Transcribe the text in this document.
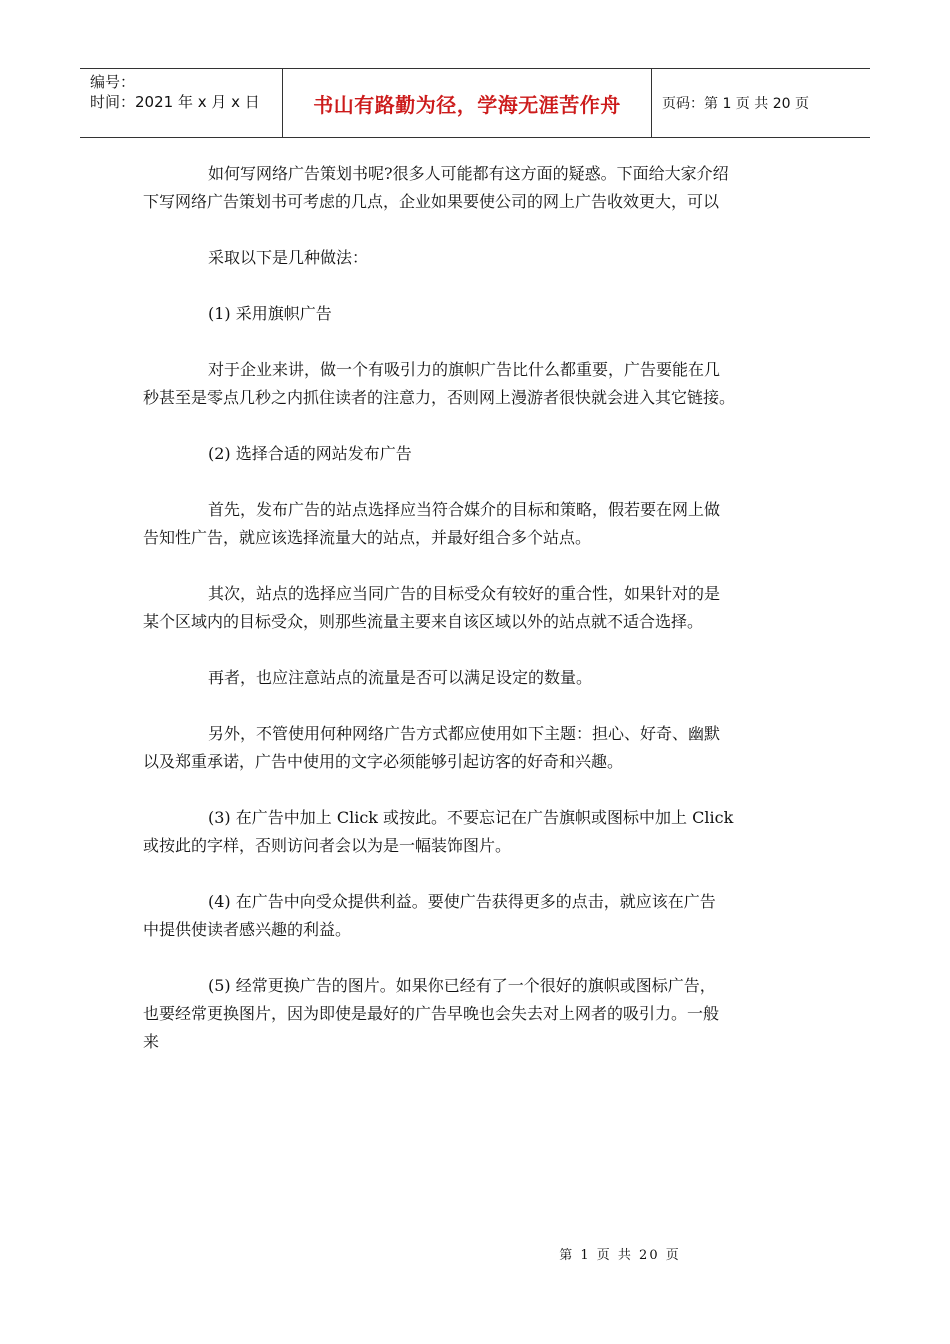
编号：
时间：2021 年 x 月 x 日	书山有路勤为径，学海无涯苦作舟	页码：第 1 页 共 20 页
如何写网络广告策划书呢?很多人可能都有这方面的疑惑。下面给大家介绍
下写网络广告策划书可考虑的几点，企业如果要使公司的网上广告收效更大，可以
采取以下是几种做法：
(1) 采用旗帜广告
对于企业来讲，做一个有吸引力的旗帜广告比什么都重要，广告要能在几
秒甚至是零点几秒之内抓住读者的注意力，否则网上漫游者很快就会进入其它链接。
(2) 选择合适的网站发布广告
首先，发布广告的站点选择应当符合媒介的目标和策略，假若要在网上做
告知性广告，就应该选择流量大的站点，并最好组合多个站点。
其次，站点的选择应当同广告的目标受众有较好的重合性，如果针对的是
某个区域内的目标受众，则那些流量主要来自该区域以外的站点就不适合选择。
再者，也应注意站点的流量是否可以满足设定的数量。
另外，不管使用何种网络广告方式都应使用如下主题：担心、好奇、幽默
以及郑重承诺，广告中使用的文字必须能够引起访客的好奇和兴趣。
(3) 在广告中加上 Click 或按此。不要忘记在广告旗帜或图标中加上 Click
或按此的字样，否则访问者会以为是一幅装饰图片。
(4) 在广告中向受众提供利益。要使广告获得更多的点击，就应该在广告
中提供使读者感兴趣的利益。
(5) 经常更换广告的图片。如果你已经有了一个很好的旗帜或图标广告，
也要经常更换图片，因为即使是最好的广告早晚也会失去对上网者的吸引力。一般
来
第 1 页 共 20 页
